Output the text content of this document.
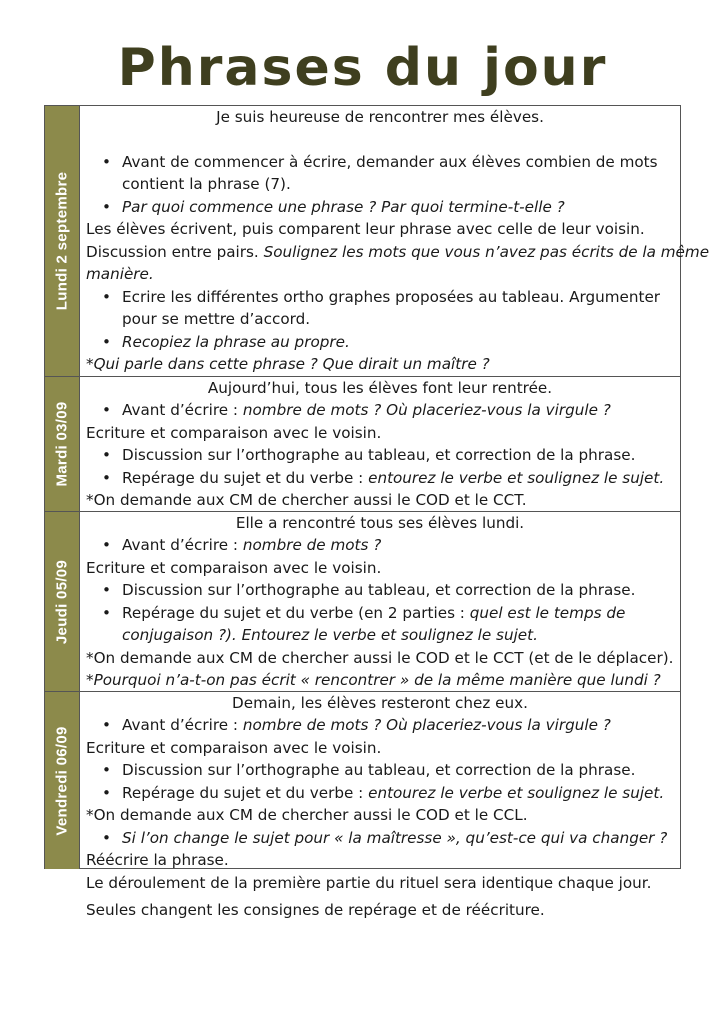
Phrases du jour
Lundi 2 septembre
Je suis heureuse de rencontrer mes élèves.
Avant de commencer à écrire, demander aux élèves combien de mots
contient la phrase (7).
Par quoi commence une phrase ? Par quoi termine-t-elle ?
Les élèves écrivent, puis comparent leur phrase avec celle de leur voisin.
Discussion entre pairs. Soulignez les mots que vous n’avez pas écrits de la même
manière.
Ecrire les différentes ortho graphes proposées au tableau. Argumenter
pour se mettre d’accord.
Recopiez la phrase au propre.
*Qui parle dans cette phrase ? Que dirait un maître ?
Mardi 03/09
Aujourd’hui, tous les élèves font leur rentrée.
Avant d’écrire : nombre de mots ? Où placeriez-vous la virgule ?
Ecriture et comparaison avec le voisin.
Discussion sur l’orthographe au tableau, et correction de la phrase.
Repérage du sujet et du verbe : entourez le verbe et soulignez le sujet.
*On demande aux CM de chercher aussi le COD et le CCT.
Jeudi 05/09
Elle a rencontré tous ses élèves lundi.
Avant d’écrire : nombre de mots ?
Ecriture et comparaison avec le voisin.
Discussion sur l’orthographe au tableau, et correction de la phrase.
Repérage du sujet et du verbe (en 2 parties : quel est le temps de
conjugaison ?). Entourez le verbe et soulignez le sujet.
*On demande aux CM de chercher aussi le COD et le CCT (et de le déplacer).
*Pourquoi n’a-t-on pas écrit « rencontrer » de la même manière que lundi ?
Vendredi 06/09
Demain, les élèves resteront chez eux.
Avant d’écrire : nombre de mots ? Où placeriez-vous la virgule ?
Ecriture et comparaison avec le voisin.
Discussion sur l’orthographe au tableau, et correction de la phrase.
Repérage du sujet et du verbe : entourez le verbe et soulignez le sujet.
*On demande aux CM de chercher aussi le COD et le CCL.
Si l’on change le sujet pour « la maîtresse », qu’est-ce qui va changer ?
Réécrire la phrase.
Le déroulement de la première partie du rituel sera identique chaque jour.
Seules changent les consignes de repérage et de réécriture.
